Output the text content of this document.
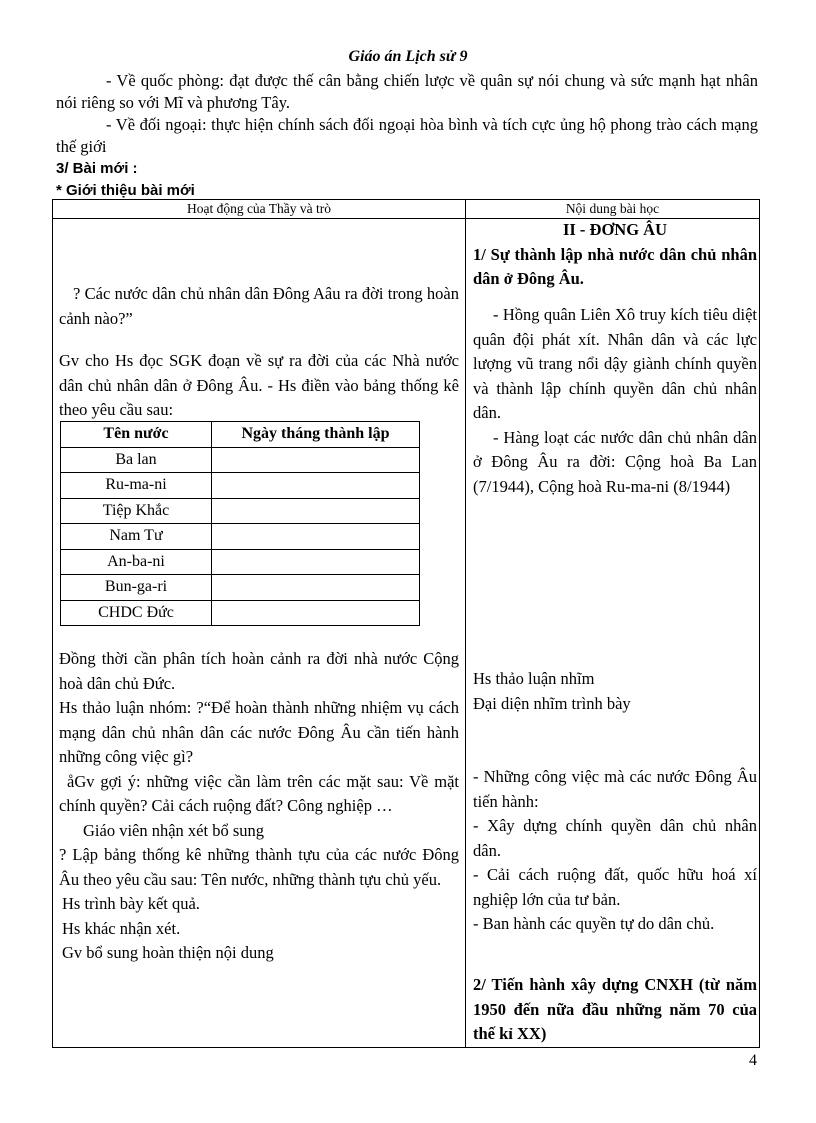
Giáo án Lịch sử 9

- Về quốc phòng: đạt được thế cân bằng chiến lược về quân sự nói chung và sức mạnh hạt nhân nói riêng so với Mĩ và phương Tây.

- Về đối ngoại: thực hiện chính sách đối ngoại hòa bình và tích cực ủng hộ phong trào cách mạng thế giới

3/ Bài mới :

* Giới thiệu bài mới

Hoạt động của Thầy và trò	Nội dung bài học

? Các nước dân chủ nhân dân Đông Aâu ra đời trong hoàn cảnh nào?”

Gv cho Hs đọc SGK đoạn về sự ra đời của các Nhà nước dân chủ nhân dân ở Đông Âu. - Hs điền vào bảng thống kê theo yêu cầu sau:

Tên nước	Ngày tháng thành lập
Ba lan	
Ru-ma-ni	
Tiệp Khắc	
Nam Tư	
An-ba-ni	
Bun-ga-ri	
CHDC Đức	

Đồng thời cần phân tích hoàn cảnh ra đời nhà nước Cộng hoà dân chủ Đức.

Hs thảo luận nhóm: ?“Để hoàn thành những nhiệm vụ cách mạng dân chủ nhân dân các nước Đông Âu cần tiến hành những công việc gì?

åGv gợi ý: những việc cần làm trên các mặt sau: Về mặt chính quyền? Cải cách ruộng đất? Công nghiệp …

Giáo viên nhận xét bổ sung

? Lập bảng thống kê những thành tựu của các nước Đông Âu theo yêu cầu sau: Tên nước, những thành tựu chủ yếu.

Hs trình bày kết quả.

Hs khác nhận xét.

Gv bổ sung hoàn thiện nội dung

II - ĐƠNG ÂU

1/ Sự thành lập nhà nước dân chủ nhân dân ở Đông Âu.

- Hồng quân Liên Xô truy kích tiêu diệt quân đội phát xít. Nhân dân và các lực lượng vũ trang nổi dậy giành chính quyền và thành lập chính quyền dân chủ nhân dân.

- Hàng loạt các nước dân chủ nhân dân ở Đông Âu ra đời: Cộng hoà Ba Lan (7/1944), Cộng hoà Ru-ma-ni (8/1944)

Hs thảo luận nhĩm

Đại diện nhĩm trình bày

- Những công việc mà các nước Đông Âu tiến hành:

- Xây dựng chính quyền dân chủ nhân dân.

- Cải cách ruộng đất, quốc hữu hoá xí nghiệp lớn của tư bản.

- Ban hành các quyền tự do dân chủ.

2/ Tiến hành xây dựng CNXH (từ năm 1950 đến nữa đầu những năm 70 của thế kỉ XX)

4
